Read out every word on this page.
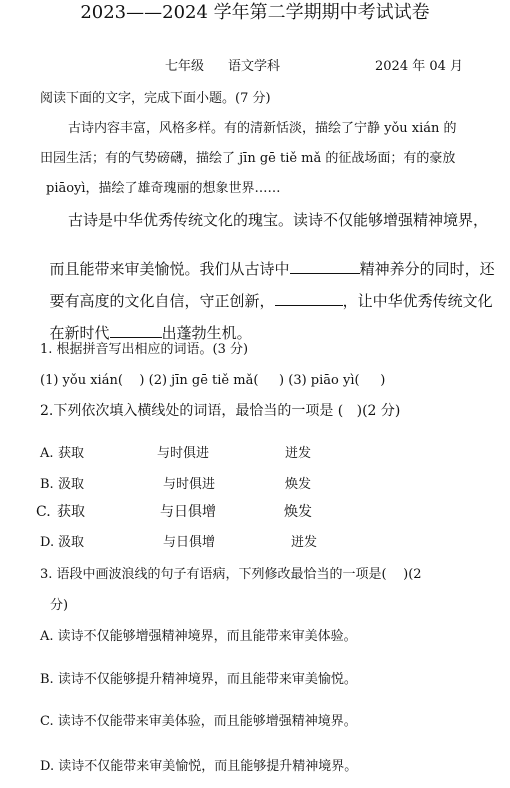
2023——2024 学年第二学期期中考试试卷
七年级 语文学科	2024 年 04 月
阅读下面的文字，完成下面小题。(7 分)
古诗内容丰富，风格多样。有的清新恬淡，描绘了宁静 yǒu xián 的
田园生活；有的气势磅礴，描绘了 jīn gē tiě mǎ 的征战场面；有的豪放
piāoyì，描绘了雄奇瑰丽的想象世界……
古诗是中华优秀传统文化的瑰宝。读诗不仅能够增强精神境界，

而且能带来审美愉悦。我们从古诗中	精神养分的同时，还

要有高度的文化自信，守正创新，	，让中华优秀传统文化

在新时代	出蓬勃生机。

1. 根据拼音写出相应的词语。(3 分)
(1) yǒu xián(    ) (2) jīn gē tiě mǎ(     ) (3) piāo yì(     )
2.下列依次填入横线处的词语，最恰当的一项是 (   )(2 分)
A. 获取	与时俱进	迸发
B. 汲取	与时俱进	焕发
C. 获取	与日俱增	焕发
D. 汲取	与日俱增	迸发
3. 语段中画波浪线的句子有语病，下列修改最恰当的一项是(    )(2
分)
A. 读诗不仅能够增强精神境界，而且能带来审美体验。
B. 读诗不仅能够提升精神境界，而且能带来审美愉悦。
C. 读诗不仅能带来审美体验，而且能够增强精神境界。
D. 读诗不仅能带来审美愉悦，而且能够提升精神境界。
